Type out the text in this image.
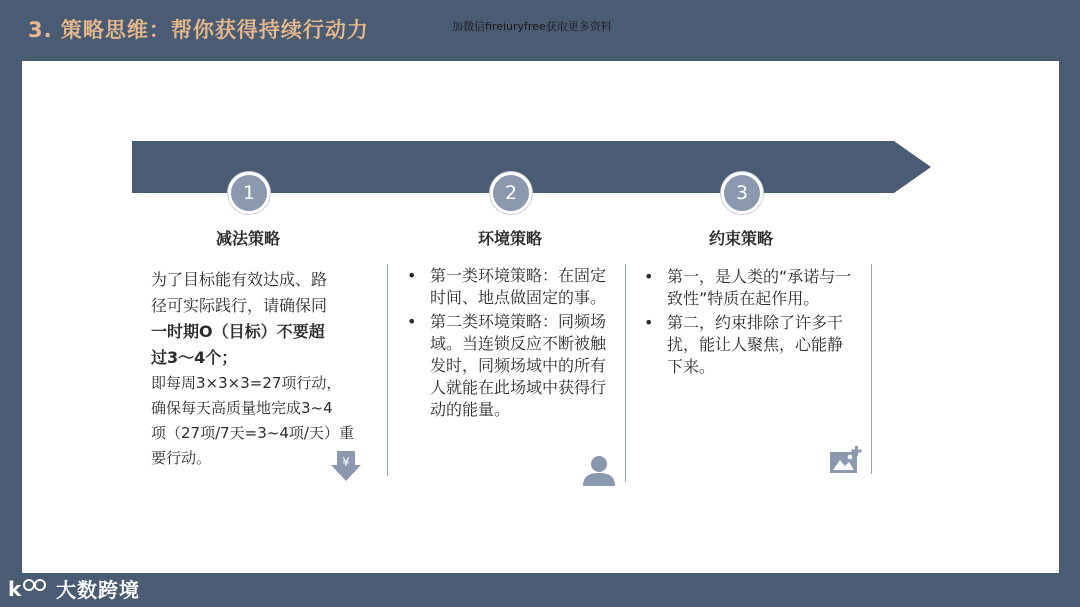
3. 策略思维：帮你获得持续行动力	加微信fireiuryfree获取更多资料
1	2	3
减法策略	环境策略	约束策略
为了目标能有效达成、路
径可实际践行，请确保同
一时期O（目标）不要超
过3～4个；
即每周3×3×3=27项行动，
确保每天高质量地完成3~4
项（27项/7天=3~4项/天）重
要行动。
• 第一类环境策略：在固定时间、地点做固定的事。
• 第二类环境策略：同频场域。当连锁反应不断被触发时，同频场域中的所有人就能在此场域中获得行动的能量。
• 第一，是人类的“承诺与一致性”特质在起作用。
• 第二，约束排除了许多干扰，能让人聚焦，心能静下来。
¥
k 大数跨境
